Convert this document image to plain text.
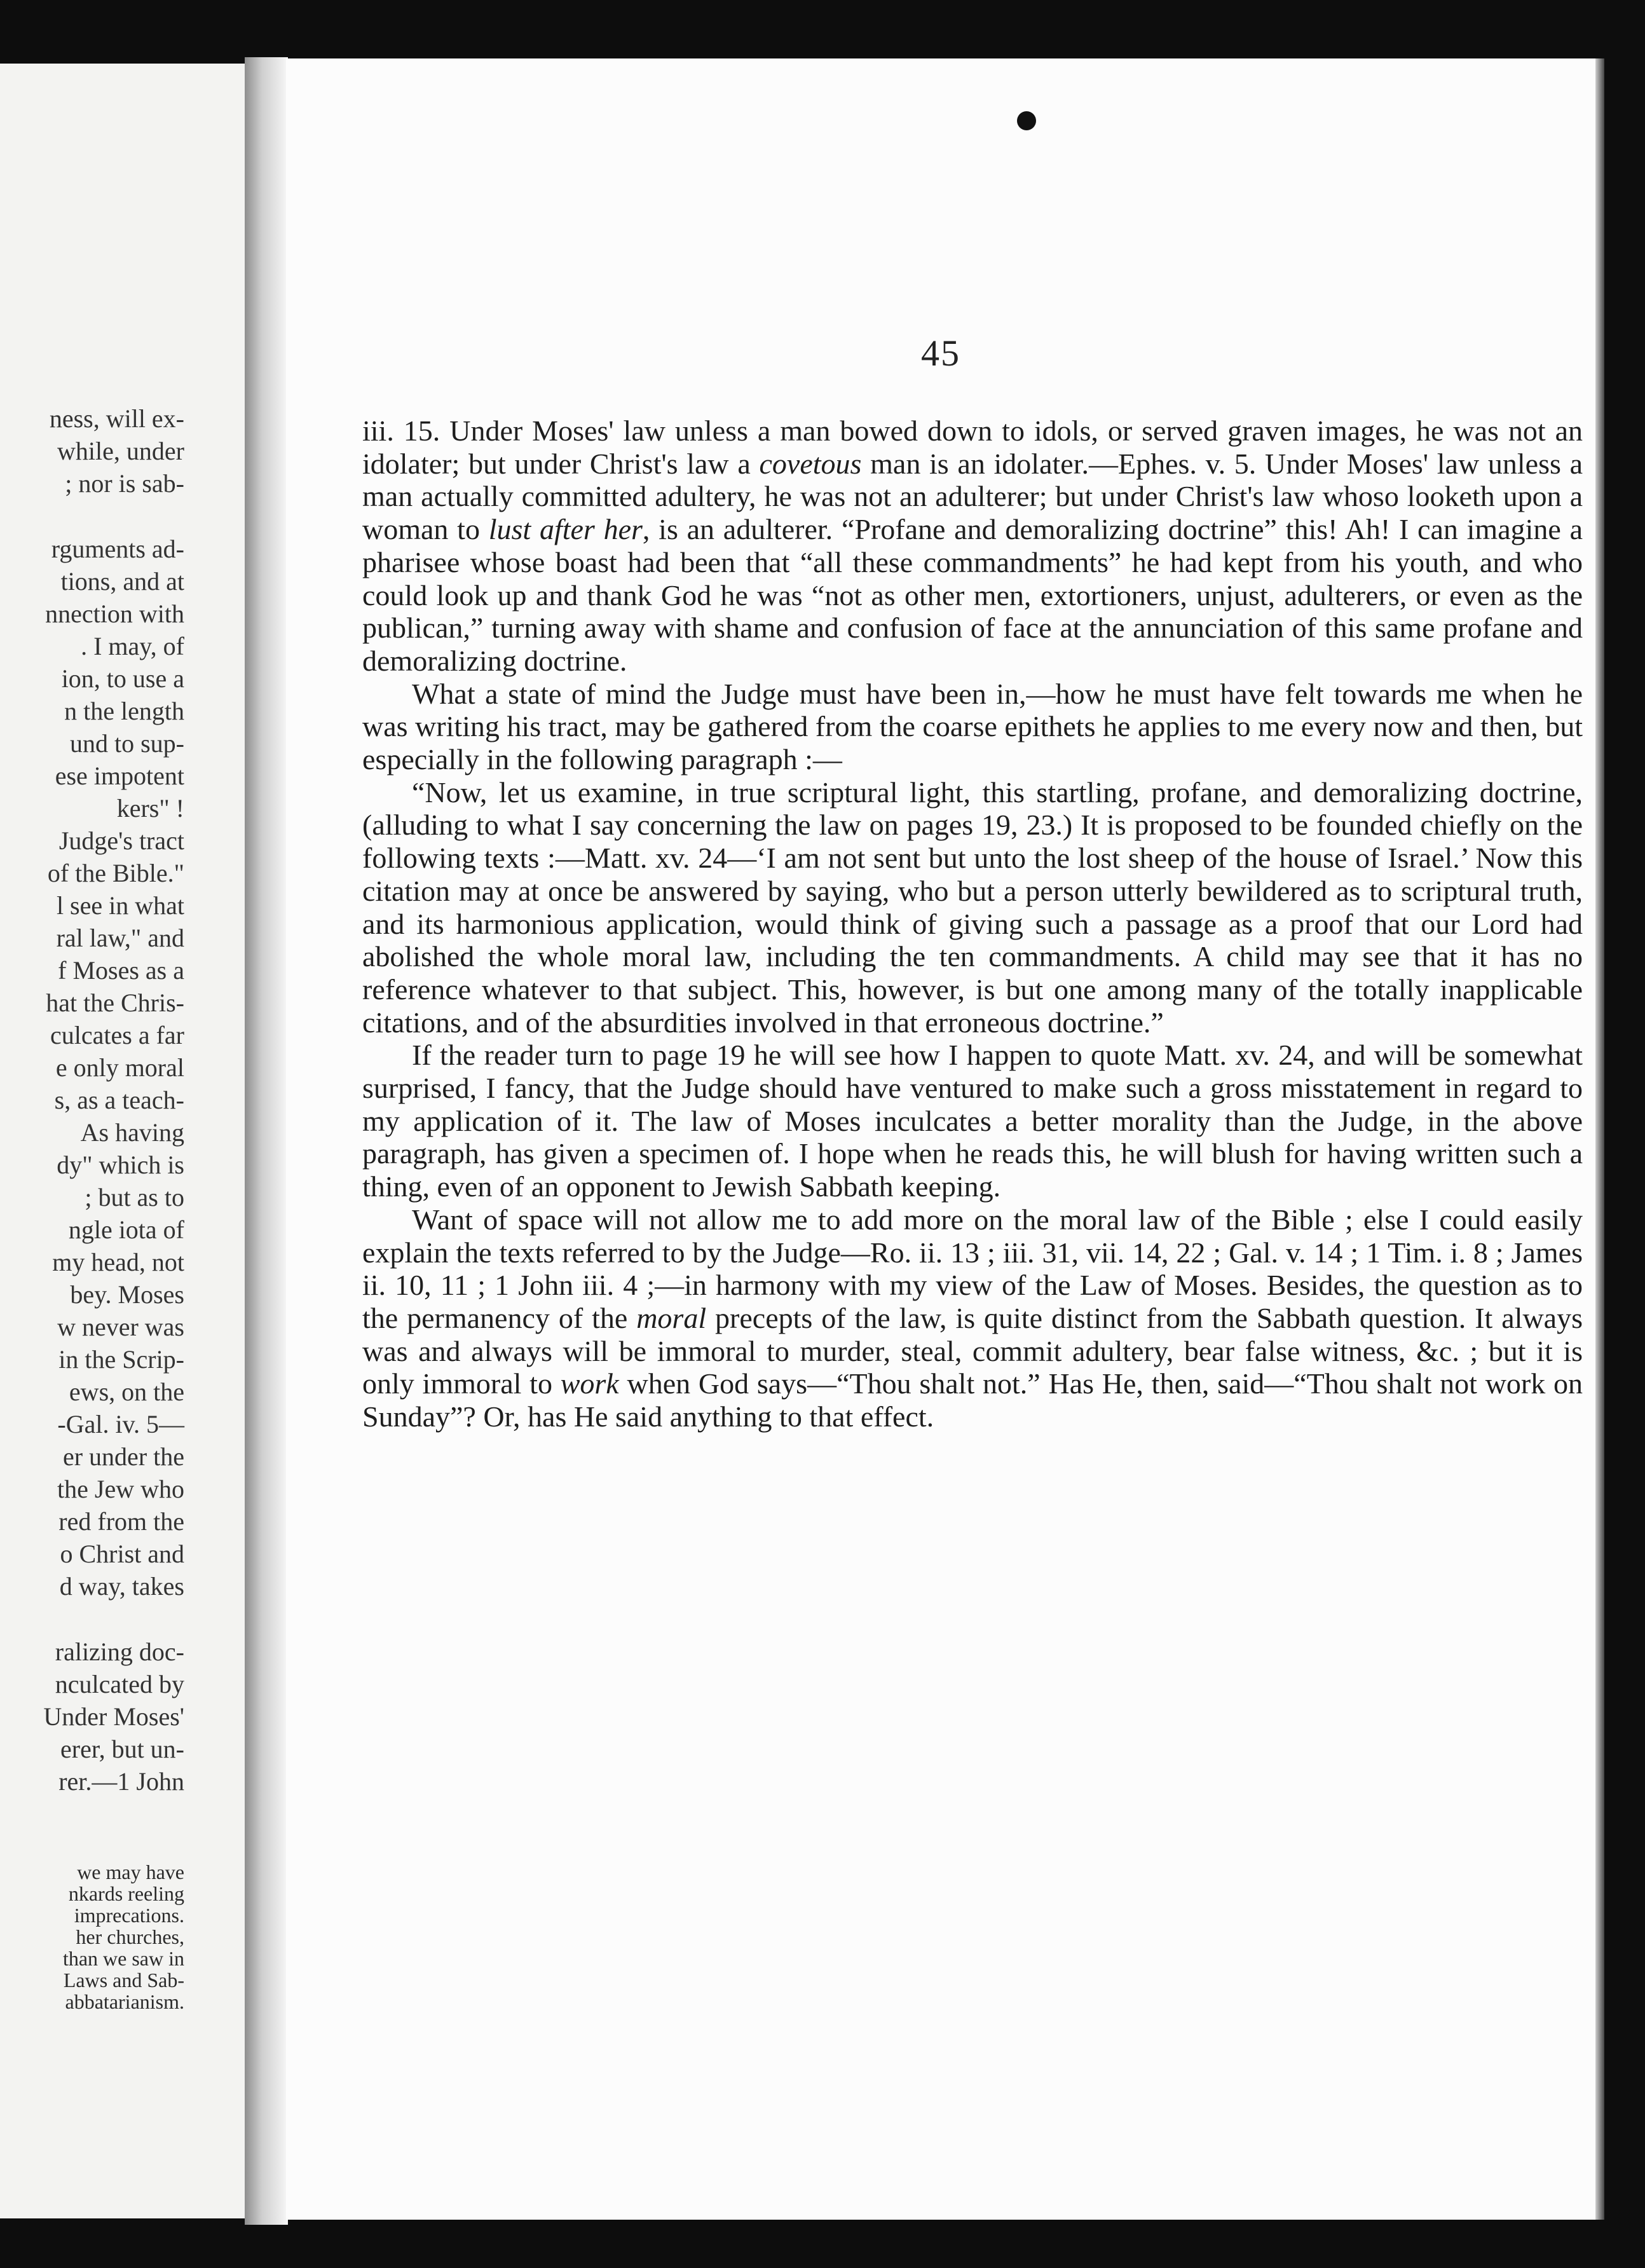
ness, will ex-
while, under
; nor is sab-
rguments ad-
tions, and at
nnection with
. I may, of
ion, to use a
n the length
und to sup-
ese impotent
kers" !
Judge's tract
of the Bible."
l see in what
ral law," and
f Moses as a
hat the Chris-
culcates a far
e only moral
s, as a teach-
As having
dy" which is
; but as to
ngle iota of
my head, not
bey. Moses
w never was
in the Scrip-
ews, on the
-Gal. iv. 5—
er under the
the Jew who
red from the
o Christ and
d way, takes
ralizing doc-
nculcated by
Under Moses'
erer, but un-
rer.—1 John
we may have
nkards reeling
imprecations.
her churches,
than we saw in
Laws and Sab-
abbatarianism.
45

iii. 15. Under Moses' law unless a man bowed down to idols, or served graven images, he was not an idolater; but under Christ's law a covetous man is an idolater.—Ephes. v. 5. Under Moses' law unless a man actually committed adultery, he was not an adulterer; but under Christ's law whoso looketh upon a woman to lust after her, is an adulterer. “Profane and demoralizing doctrine” this! Ah! I can imagine a pharisee whose boast had been that “all these commandments” he had kept from his youth, and who could look up and thank God he was “not as other men, extortioners, unjust, adulterers, or even as the publican,” turning away with shame and confusion of face at the annunciation of this same profane and demoralizing doctrine.

What a state of mind the Judge must have been in,—how he must have felt towards me when he was writing his tract, may be gathered from the coarse epithets he applies to me every now and then, but especially in the following paragraph :—

“Now, let us examine, in true scriptural light, this startling, profane, and demoralizing doctrine, (alluding to what I say concerning the law on pages 19, 23.) It is proposed to be founded chiefly on the following texts :—Matt. xv. 24—‘I am not sent but unto the lost sheep of the house of Israel.’ Now this citation may at once be answered by saying, who but a person utterly bewildered as to scriptural truth, and its harmonious application, would think of giving such a passage as a proof that our Lord had abolished the whole moral law, including the ten commandments. A child may see that it has no reference whatever to that subject. This, however, is but one among many of the totally inapplicable citations, and of the absurdities involved in that erroneous doctrine.”

If the reader turn to page 19 he will see how I happen to quote Matt. xv. 24, and will be somewhat surprised, I fancy, that the Judge should have ventured to make such a gross misstatement in regard to my application of it. The law of Moses inculcates a better morality than the Judge, in the above paragraph, has given a specimen of. I hope when he reads this, he will blush for having written such a thing, even of an opponent to Jewish Sabbath keeping.

Want of space will not allow me to add more on the moral law of the Bible ; else I could easily explain the texts referred to by the Judge—Ro. ii. 13 ; iii. 31, vii. 14, 22 ; Gal. v. 14 ; 1 Tim. i. 8 ; James ii. 10, 11 ; 1 John iii. 4 ;—in harmony with my view of the Law of Moses. Besides, the question as to the permanency of the moral precepts of the law, is quite distinct from the Sabbath question. It always was and always will be immoral to murder, steal, commit adultery, bear false witness, &c. ; but it is only immoral to work when God says—“Thou shalt not.” Has He, then, said—“Thou shalt not work on Sunday”? Or, has He said anything to that effect.
